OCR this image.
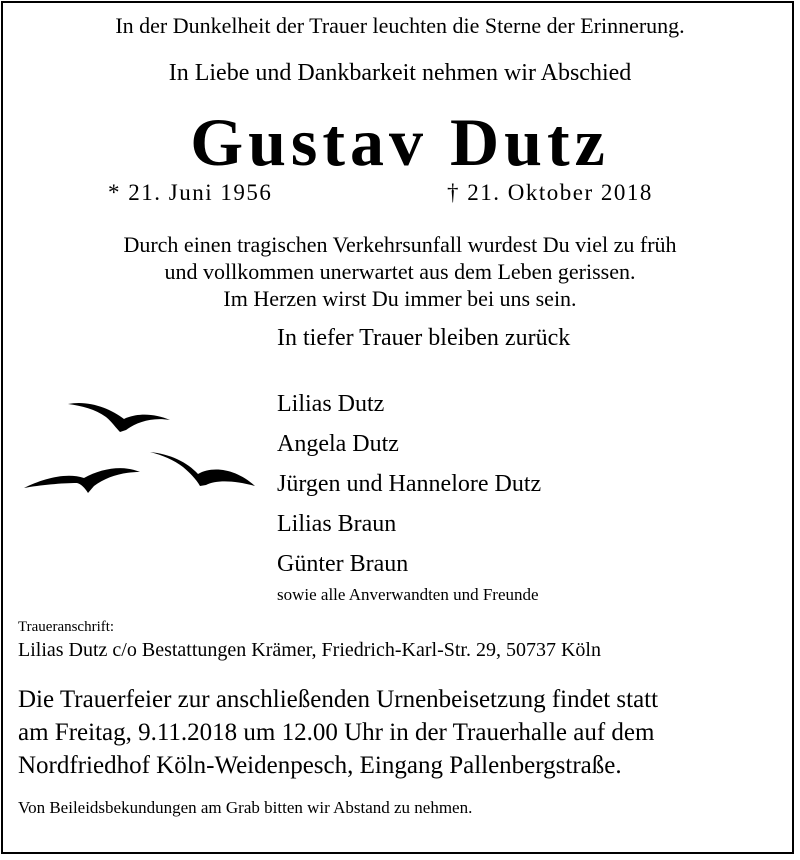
In der Dunkelheit der Trauer leuchten die Sterne der Erinnerung.
In Liebe und Dankbarkeit nehmen wir Abschied
Gustav Dutz
* 21. Juni 1956	† 21. Oktober 2018
Durch einen tragischen Verkehrsunfall wurdest Du viel zu früh
und vollkommen unerwartet aus dem Leben gerissen.
Im Herzen wirst Du immer bei uns sein.
In tiefer Trauer bleiben zurück
Lilias Dutz
Angela Dutz
Jürgen und Hannelore Dutz
Lilias Braun
Günter Braun
sowie alle Anverwandten und Freunde
Traueranschrift:
Lilias Dutz c/o Bestattungen Krämer, Friedrich-Karl-Str. 29, 50737 Köln
Die Trauerfeier zur anschließenden Urnenbeisetzung findet statt
am Freitag, 9.11.2018 um 12.00 Uhr in der Trauerhalle auf dem
Nordfriedhof Köln-Weidenpesch, Eingang Pallenbergstraße.
Von Beileidsbekundungen am Grab bitten wir Abstand zu nehmen.
